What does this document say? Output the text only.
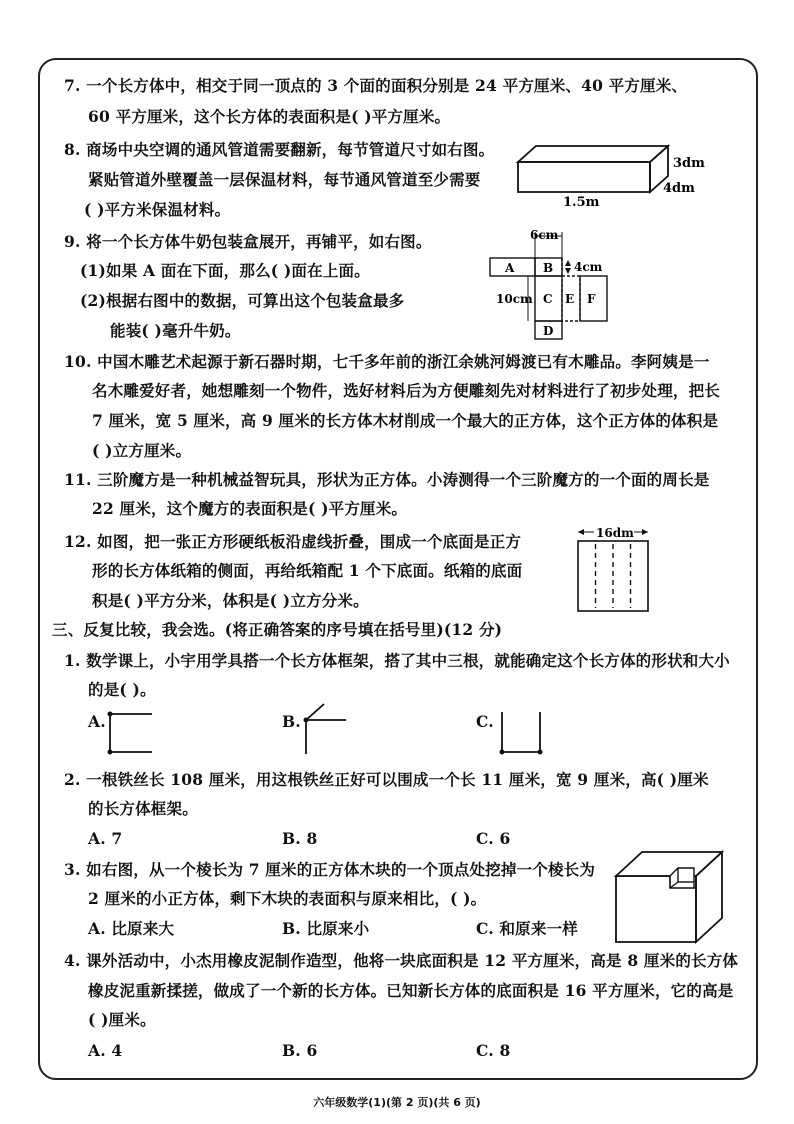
7. 一个长方体中，相交于同一顶点的 3 个面的面积分别是 24 平方厘米、40 平方厘米、
60 平方厘米，这个长方体的表面积是( )平方厘米。
8. 商场中央空调的通风管道需要翻新，每节管道尺寸如右图。
紧贴管道外壁覆盖一层保温材料，每节通风管道至少需要
( )平方米保温材料。
3dm
4dm
1.5m
9. 将一个长方体牛奶包装盒展开，再铺平，如右图。
(1)如果 A 面在下面，那么( )面在上面。
(2)根据右图中的数据，可算出这个包装盒最多
能装( )毫升牛奶。
6cm
A B
C
D
E F
4cm
10cm
10. 中国木雕艺术起源于新石器时期，七千多年前的浙江余姚河姆渡已有木雕品。李阿姨是一
名木雕爱好者，她想雕刻一个物件，选好材料后为方便雕刻先对材料进行了初步处理，把长
7 厘米，宽 5 厘米，高 9 厘米的长方体木材削成一个最大的正方体，这个正方体的体积是
( )立方厘米。
11. 三阶魔方是一种机械益智玩具，形状为正方体。小涛测得一个三阶魔方的一个面的周长是
22 厘米，这个魔方的表面积是( )平方厘米。
12. 如图，把一张正方形硬纸板沿虚线折叠，围成一个底面是正方
形的长方体纸箱的侧面，再给纸箱配 1 个下底面。纸箱的底面
积是( )平方分米，体积是( )立方分米。
16dm
三、反复比较，我会选。(将正确答案的序号填在括号里)(12 分)
1. 数学课上，小宇用学具搭一个长方体框架，搭了其中三根，就能确定这个长方体的形状和大小
的是( )。
A.	B.	C.
2. 一根铁丝长 108 厘米，用这根铁丝正好可以围成一个长 11 厘米，宽 9 厘米，高( )厘米
的长方体框架。
A. 7	B. 8	C. 6
3. 如右图，从一个棱长为 7 厘米的正方体木块的一个顶点处挖掉一个棱长为
2 厘米的小正方体，剩下木块的表面积与原来相比，( )。
A. 比原来大	B. 比原来小	C. 和原来一样
4. 课外活动中，小杰用橡皮泥制作造型，他将一块底面积是 12 平方厘米，高是 8 厘米的长方体
橡皮泥重新揉搓，做成了一个新的长方体。已知新长方体的底面积是 16 平方厘米，它的高是
( )厘米。
A. 4	B. 6	C. 8
六年级数学(1)(第 2 页)(共 6 页)
